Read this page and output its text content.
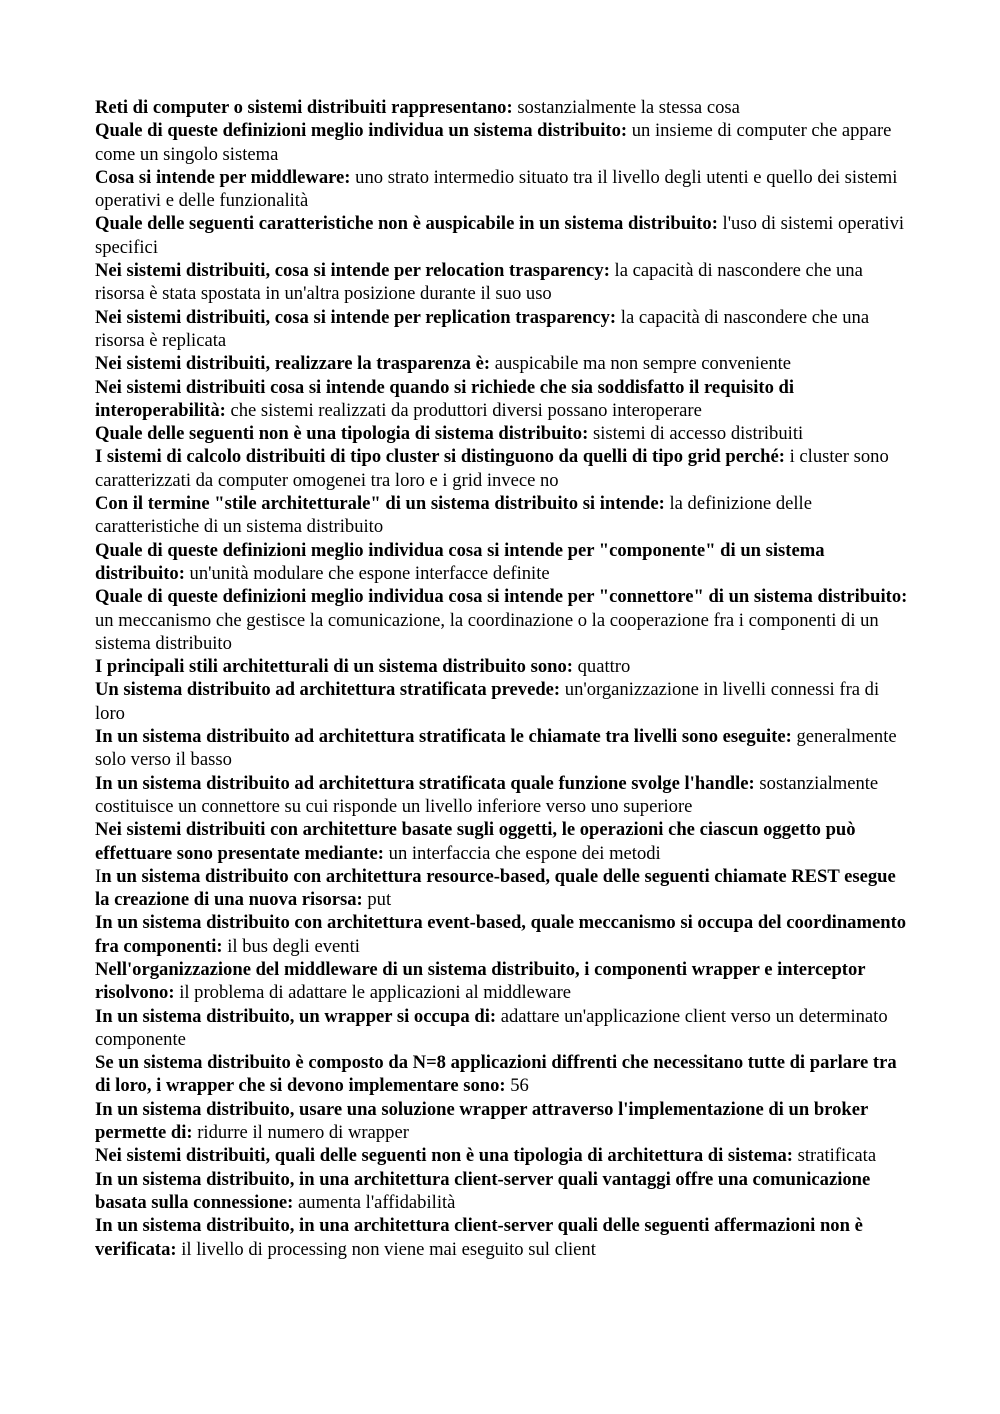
Reti di computer o sistemi distribuiti rappresentano: sostanzialmente la stessa cosa

Quale di queste definizioni meglio individua un sistema distribuito: un insieme di computer che appare come un singolo sistema

Cosa si intende per middleware: uno strato intermedio situato tra il livello degli utenti e quello dei sistemi operativi e delle funzionalità

Quale delle seguenti caratteristiche non è auspicabile in un sistema distribuito: l'uso di sistemi operativi specifici

Nei sistemi distribuiti, cosa si intende per relocation trasparency: la capacità di nascondere che una risorsa è stata spostata in un'altra posizione durante il suo uso

Nei sistemi distribuiti, cosa si intende per replication trasparency: la capacità di nascondere che una risorsa è replicata

Nei sistemi distribuiti, realizzare la trasparenza è: auspicabile ma non sempre conveniente

Nei sistemi distribuiti cosa si intende quando si richiede che sia soddisfatto il requisito di interoperabilità: che sistemi realizzati da produttori diversi possano interoperare

Quale delle seguenti non è una tipologia di sistema distribuito: sistemi di accesso distribuiti

I sistemi di calcolo distribuiti di tipo cluster si distinguono da quelli di tipo grid perché: i cluster sono caratterizzati da computer omogenei tra loro e i grid invece no

Con il termine "stile architetturale" di un sistema distribuito si intende: la definizione delle caratteristiche di un sistema distribuito

Quale di queste definizioni meglio individua cosa si intende per "componente" di un sistema distribuito: un'unità modulare che espone interfacce definite

Quale di queste definizioni meglio individua cosa si intende per "connettore" di un sistema distribuito: un meccanismo che gestisce la comunicazione, la coordinazione o la cooperazione fra i componenti di un sistema distribuito

I principali stili architetturali di un sistema distribuito sono: quattro

Un sistema distribuito ad architettura stratificata prevede: un'organizzazione in livelli connessi fra di loro

In un sistema distribuito ad architettura stratificata le chiamate tra livelli sono eseguite: generalmente solo verso il basso

In un sistema distribuito ad architettura stratificata quale funzione svolge l'handle: sostanzialmente costituisce un connettore su cui risponde un livello inferiore verso uno superiore

Nei sistemi distribuiti con architetture basate sugli oggetti, le operazioni che ciascun oggetto può effettuare sono presentate mediante: un interfaccia che espone dei metodi

In un sistema distribuito con architettura resource-based, quale delle seguenti chiamate REST esegue la creazione di una nuova risorsa: put

In un sistema distribuito con architettura event-based, quale meccanismo si occupa del coordinamento fra componenti: il bus degli eventi

Nell'organizzazione del middleware di un sistema distribuito, i componenti wrapper e interceptor risolvono: il problema di adattare le applicazioni al middleware

In un sistema distribuito, un wrapper si occupa di: adattare un'applicazione client verso un determinato componente

Se un sistema distribuito è composto da N=8 applicazioni diffrenti che necessitano tutte di parlare tra di loro, i wrapper che si devono implementare sono: 56

In un sistema distribuito, usare una soluzione wrapper attraverso l'implementazione di un broker permette di: ridurre il numero di wrapper

Nei sistemi distribuiti, quali delle seguenti non è una tipologia di architettura di sistema: stratificata

In un sistema distribuito, in una architettura client-server quali vantaggi offre una comunicazione basata sulla connessione: aumenta l'affidabilità

In un sistema distribuito, in una architettura client-server quali delle seguenti affermazioni non è verificata: il livello di processing non viene mai eseguito sul client
